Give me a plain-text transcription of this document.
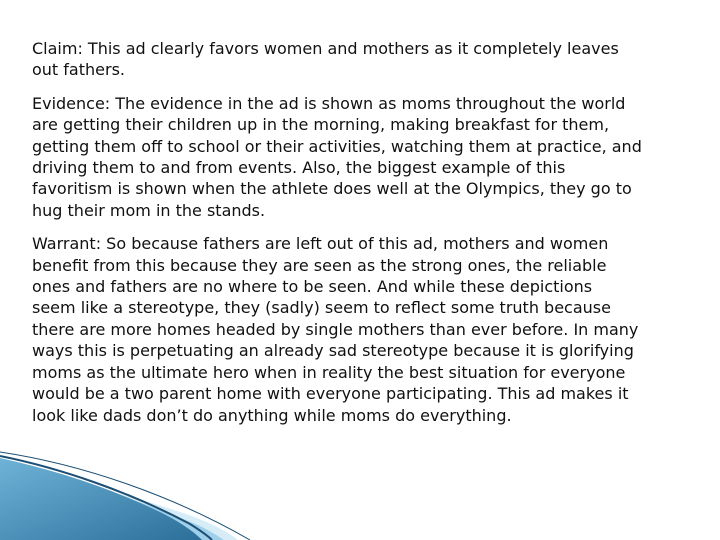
Claim: This ad clearly favors women and mothers as it completely leaves
out fathers.

Evidence: The evidence in the ad is shown as moms throughout the world
are getting their children up in the morning, making breakfast for them,
getting them off to school or their activities, watching them at practice, and
driving them to and from events. Also, the biggest example of this
favoritism is shown when the athlete does well at the Olympics, they go to
hug their mom in the stands.

Warrant: So because fathers are left out of this ad, mothers and women
benefit from this because they are seen as the strong ones, the reliable
ones and fathers are no where to be seen. And while these depictions
seem like a stereotype, they (sadly) seem to reflect some truth because
there are more homes headed by single mothers than ever before. In many
ways this is perpetuating an already sad stereotype because it is glorifying
moms as the ultimate hero when in reality the best situation for everyone
would be a two parent home with everyone participating. This ad makes it
look like dads don’t do anything while moms do everything.
